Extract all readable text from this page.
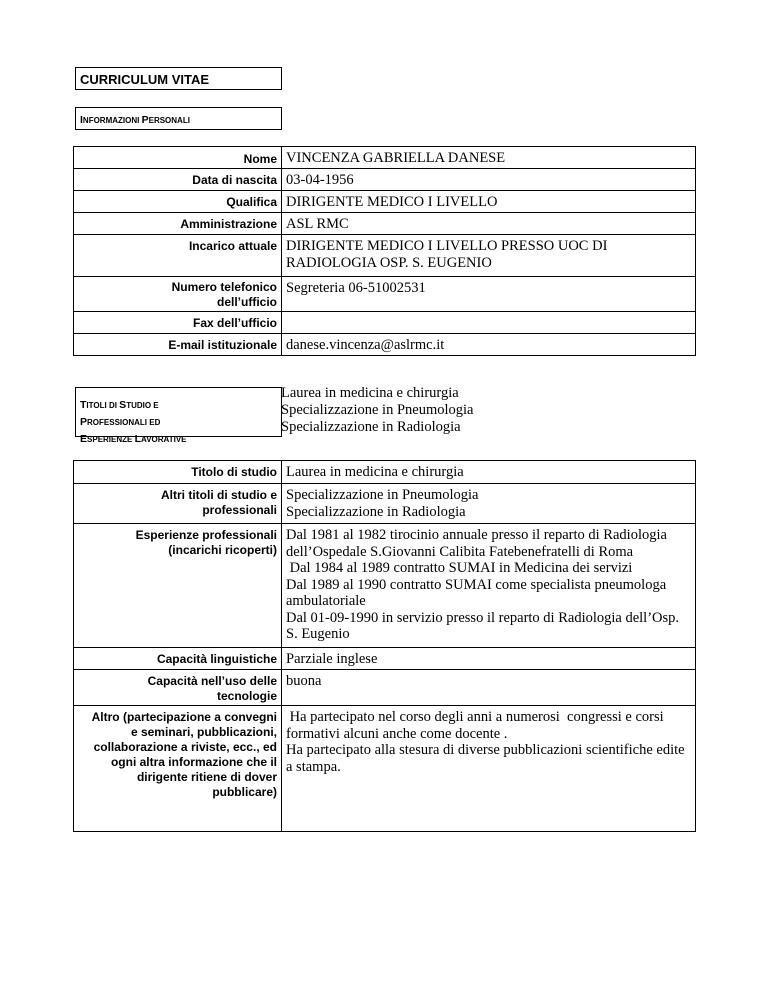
CURRICULUM VITAE
INFORMAZIONI PERSONALI
Nome	VINCENZA GABRIELLA DANESE
Data di nascita	03-04-1956
Qualifica	DIRIGENTE MEDICO I LIVELLO
Amministrazione	ASL RMC
Incarico attuale	DIRIGENTE MEDICO I LIVELLO PRESSO UOC DI RADIOLOGIA OSP. S. EUGENIO
Numero telefonico dell’ufficio	Segreteria 06-51002531
Fax dell’ufficio	
E-mail istituzionale	danese.vincenza@aslrmc.it
TITOLI DI STUDIO E
PROFESSIONALI ED
ESPERIENZE LAVORATIVE
Laurea in medicina e chirurgia
Specializzazione in Pneumologia
Specializzazione in Radiologia
Titolo di studio	Laurea in medicina e chirurgia

Altri titoli di studio e professionali	Specializzazione in Pneumologia
Specializzazione in Radiologia

Esperienze professionali (incarichi ricoperti)	Dal 1981 al 1982 tirocinio annuale presso il reparto di Radiologia dell’Ospedale S.Giovanni Calibita Fatebenefratelli di Roma
Dal 1984 al 1989 contratto SUMAI in Medicina dei servizi
Dal 1989 al 1990 contratto SUMAI come specialista pneumologa ambulatoriale
Dal 01-09-1990 in servizio presso il reparto di Radiologia dell’Osp. S. Eugenio

Capacità linguistiche	Parziale inglese

Capacità nell’uso delle tecnologie	buona

Altro (partecipazione a convegni e seminari, pubblicazioni, collaborazione a riviste, ecc., ed ogni altra informazione che il dirigente ritiene di dover pubblicare)	Ha partecipato nel corso degli anni a numerosi  congressi e corsi formativi alcuni anche come docente .
Ha partecipato alla stesura di diverse pubblicazioni scientifiche edite a stampa.
